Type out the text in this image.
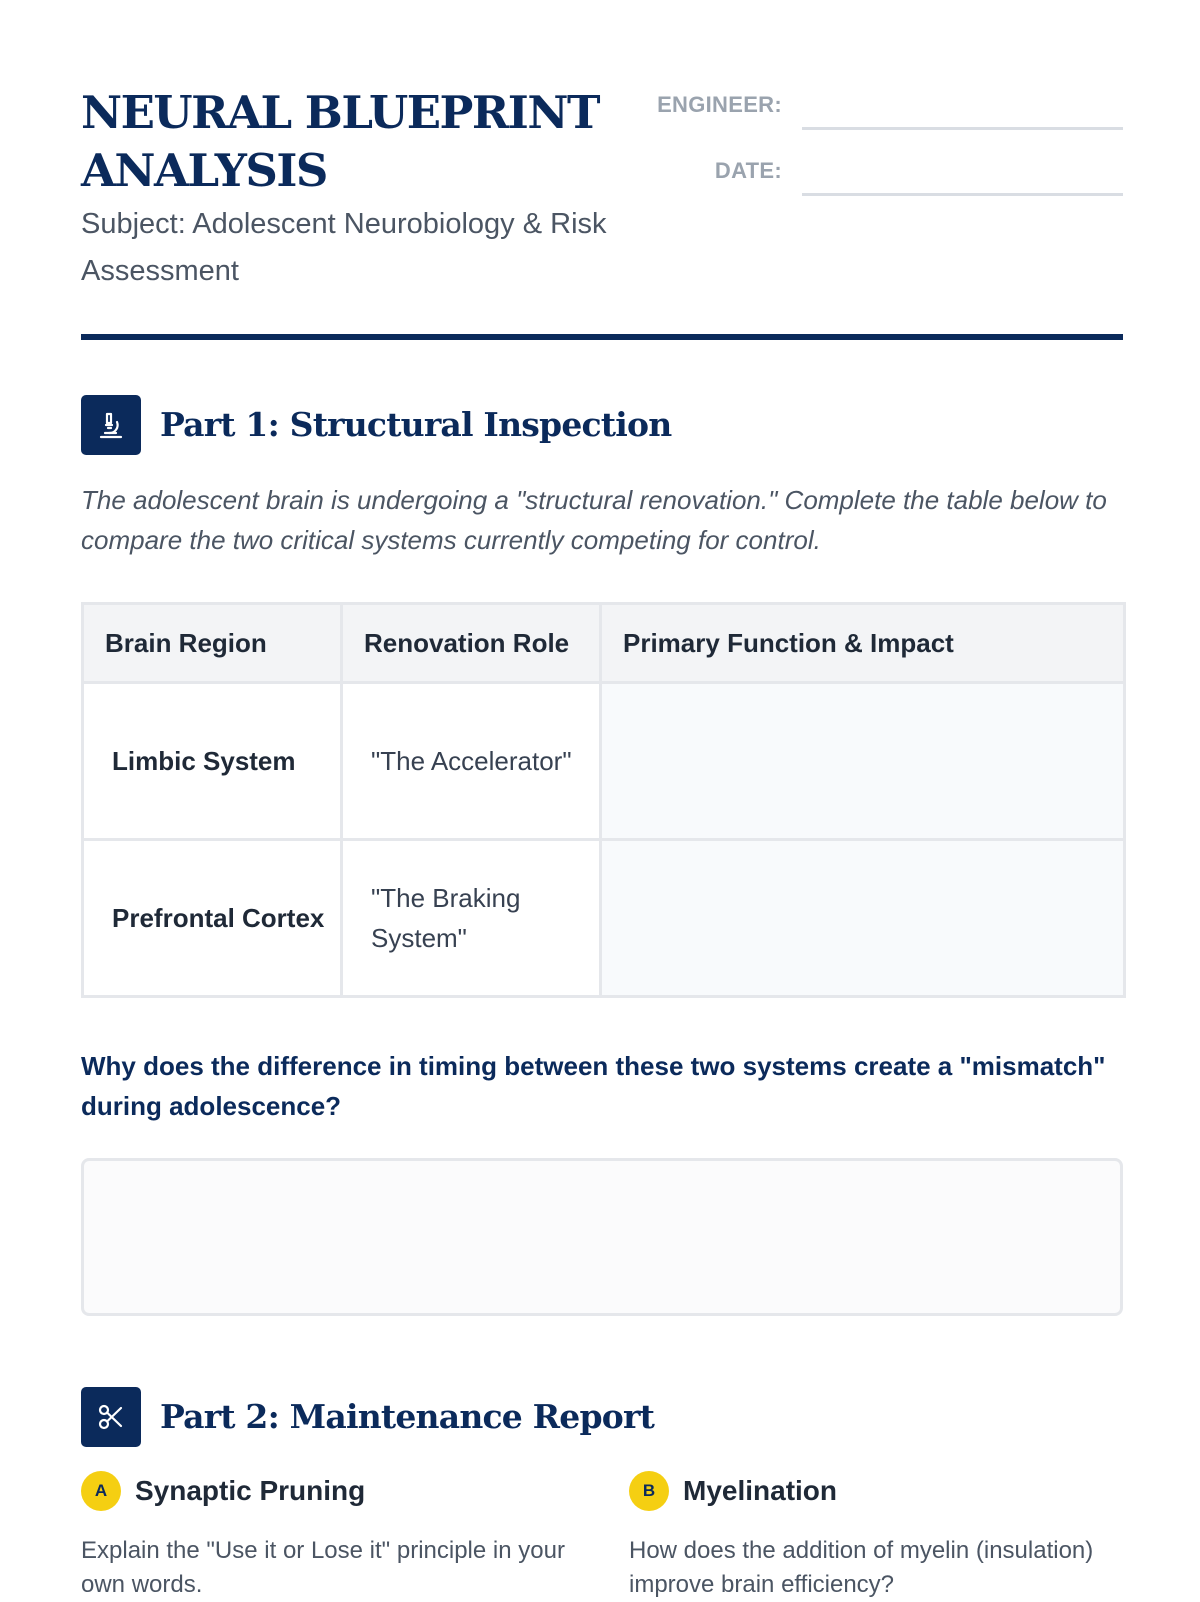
NEURAL BLUEPRINT ANALYSIS
Subject: Adolescent Neurobiology & Risk Assessment
ENGINEER:
DATE:
Part 1: Structural Inspection

The adolescent brain is undergoing a "structural renovation." Complete the table below to compare the two critical systems currently competing for control.

Brain Region	Renovation Role	Primary Function & Impact
Limbic System	"The Accelerator"	
Prefrontal Cortex	"The Braking System"	

Why does the difference in timing between these two systems create a "mismatch" during adolescence?

Part 2: Maintenance Report
A Synaptic Pruning

Explain the "Use it or Lose it" principle in your own words.

B Myelination

How does the addition of myelin (insulation) improve brain efficiency?
